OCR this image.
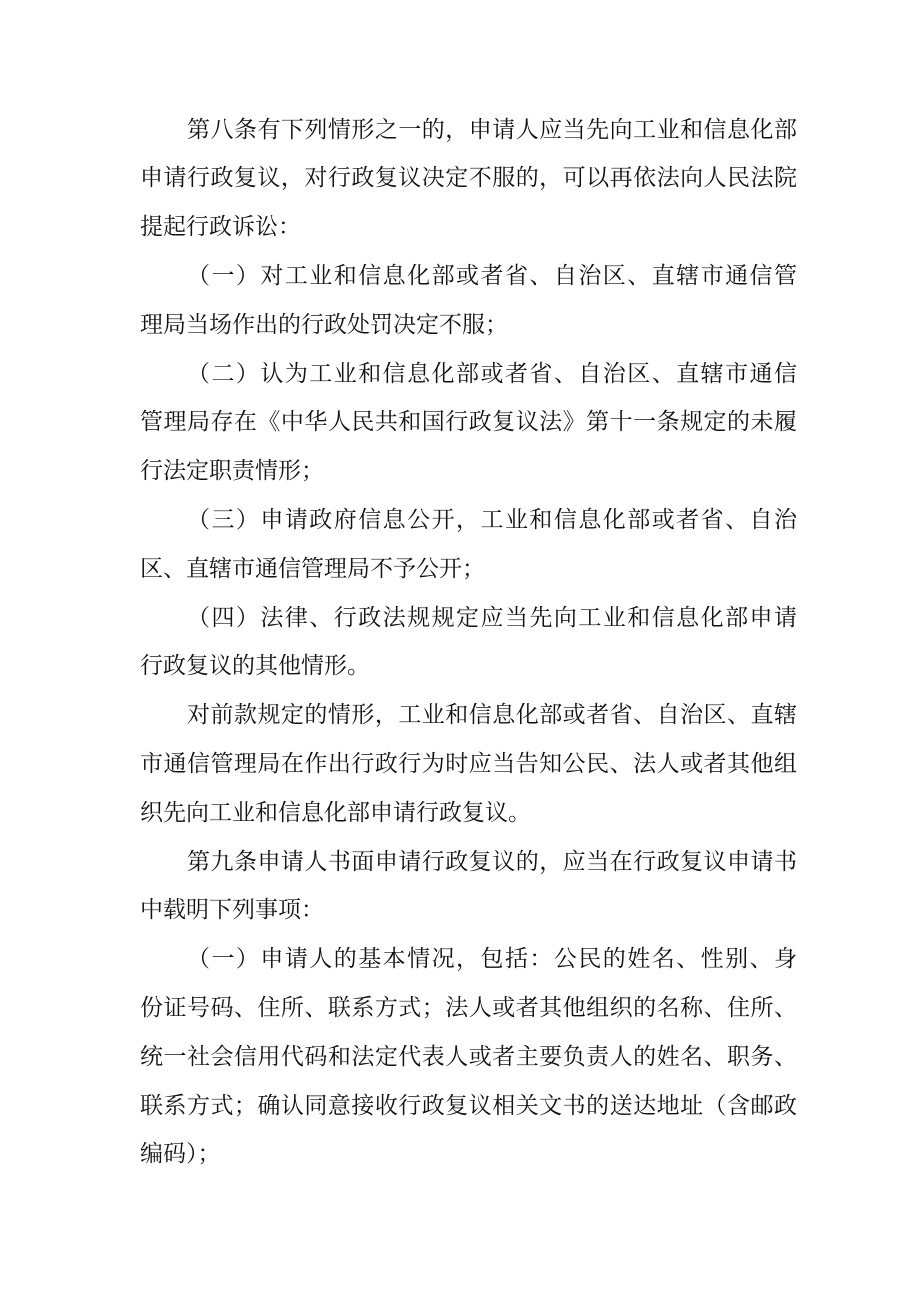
第八条有下列情形之一的，申请人应当先向工业和信息化部
申请行政复议，对行政复议决定不服的，可以再依法向人民法院
提起行政诉讼：
（一）对工业和信息化部或者省、自治区、直辖市通信管
理局当场作出的行政处罚决定不服；
（二）认为工业和信息化部或者省、自治区、直辖市通信
管理局存在《中华人民共和国行政复议法》第十一条规定的未履
行法定职责情形；
（三）申请政府信息公开，工业和信息化部或者省、自治
区、直辖市通信管理局不予公开；
（四）法律、行政法规规定应当先向工业和信息化部申请
行政复议的其他情形。
对前款规定的情形，工业和信息化部或者省、自治区、直辖
市通信管理局在作出行政行为时应当告知公民、法人或者其他组
织先向工业和信息化部申请行政复议。
第九条申请人书面申请行政复议的，应当在行政复议申请书
中载明下列事项：
（一）申请人的基本情况，包括：公民的姓名、性别、身
份证号码、住所、联系方式；法人或者其他组织的名称、住所、
统一社会信用代码和法定代表人或者主要负责人的姓名、职务、
联系方式；确认同意接收行政复议相关文书的送达地址（含邮政
编码）；
